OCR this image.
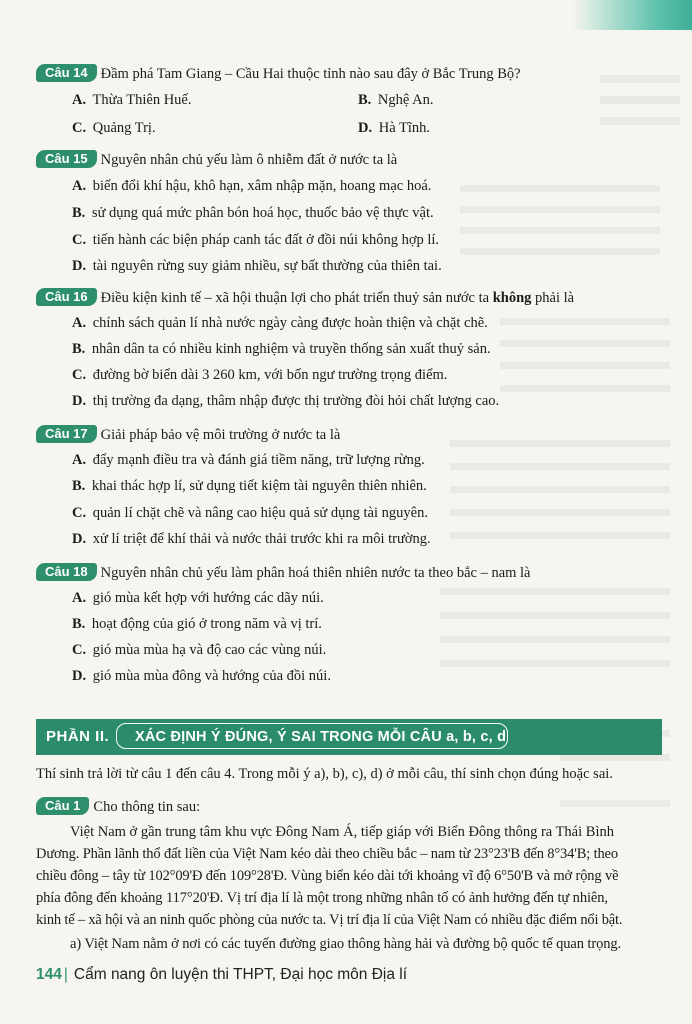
Câu 14 Đầm phá Tam Giang – Cầu Hai thuộc tỉnh nào sau đây ở Bắc Trung Bộ?
A. Thừa Thiên Huế.	B. Nghệ An.
C. Quảng Trị.	D. Hà Tĩnh.
Câu 15 Nguyên nhân chủ yếu làm ô nhiễm đất ở nước ta là
A. biến đổi khí hậu, khô hạn, xâm nhập mặn, hoang mạc hoá.
B. sử dụng quá mức phân bón hoá học, thuốc bảo vệ thực vật.
C. tiến hành các biện pháp canh tác đất ở đồi núi không hợp lí.
D. tài nguyên rừng suy giảm nhiều, sự bất thường của thiên tai.
Câu 16 Điều kiện kinh tế – xã hội thuận lợi cho phát triển thuỷ sản nước ta không phải là
A. chính sách quản lí nhà nước ngày càng được hoàn thiện và chặt chẽ.
B. nhân dân ta có nhiều kinh nghiệm và truyền thống sản xuất thuỷ sản.
C. đường bờ biển dài 3 260 km, với bốn ngư trường trọng điểm.
D. thị trường đa dạng, thâm nhập được thị trường đòi hỏi chất lượng cao.
Câu 17 Giải pháp bảo vệ môi trường ở nước ta là
A. đẩy mạnh điều tra và đánh giá tiềm năng, trữ lượng rừng.
B. khai thác hợp lí, sử dụng tiết kiệm tài nguyên thiên nhiên.
C. quản lí chặt chẽ và nâng cao hiệu quả sử dụng tài nguyên.
D. xử lí triệt để khí thải và nước thải trước khi ra môi trường.
Câu 18 Nguyên nhân chủ yếu làm phân hoá thiên nhiên nước ta theo bắc – nam là
A. gió mùa kết hợp với hướng các dãy núi.
B. hoạt động của gió ở trong năm và vị trí.
C. gió mùa mùa hạ và độ cao các vùng núi.
D. gió mùa mùa đông và hướng của đồi núi.
PHẦN II.	XÁC ĐỊNH Ý ĐÚNG, Ý SAI TRONG MỖI CÂU a, b, c, d
Thí sinh trả lời từ câu 1 đến câu 4. Trong mỗi ý a), b), c), d) ở mỗi câu, thí sinh chọn đúng hoặc sai.
Câu 1 Cho thông tin sau:
Việt Nam ở gần trung tâm khu vực Đông Nam Á, tiếp giáp với Biển Đông thông ra Thái Bình
Dương. Phần lãnh thổ đất liền của Việt Nam kéo dài theo chiều bắc – nam từ 23°23'B đến 8°34'B; theo
chiều đông – tây từ 102°09'Đ đến 109°28'Đ. Vùng biển kéo dài tới khoảng vĩ độ 6°50'B và mở rộng về
phía đông đến khoảng 117°20'Đ. Vị trí địa lí là một trong những nhân tố có ảnh hưởng đến tự nhiên,
kinh tế – xã hội và an ninh quốc phòng của nước ta. Vị trí địa lí của Việt Nam có nhiều đặc điểm nổi bật.
a) Việt Nam nằm ở nơi có các tuyến đường giao thông hàng hải và đường bộ quốc tế quan trọng.
144 | Cẩm nang ôn luyện thi THPT, Đại học môn Địa lí
